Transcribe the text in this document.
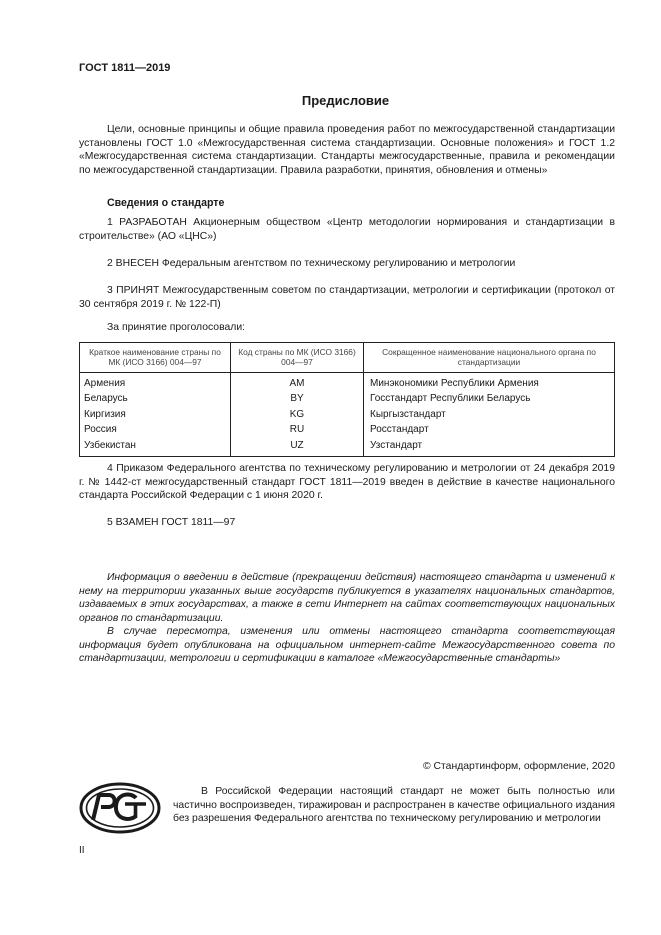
ГОСТ 1811—2019
Предисловие

Цели, основные принципы и общие правила проведения работ по межгосударственной стандартизации установлены ГОСТ 1.0 «Межгосударственная система стандартизации. Основные положения» и ГОСТ 1.2 «Межгосударственная система стандартизации. Стандарты межгосударственные, правила и рекомендации по межгосударственной стандартизации. Правила разработки, принятия, обновления и отмены»

Сведения о стандарте

1 РАЗРАБОТАН Акционерным обществом «Центр методологии нормирования и стандартизации в строительстве» (АО «ЦНС»)

2 ВНЕСЕН Федеральным агентством по техническому регулированию и метрологии

3 ПРИНЯТ Межгосударственным советом по стандартизации, метрологии и сертификации (протокол от 30 сентября 2019 г. № 122-П)

За принятие проголосовали:
Краткое наименование страны по МК (ИСО 3166) 004—97	Код страны по МК (ИСО 3166) 004—97	Сокращенное наименование национального органа по стандартизации
Армения	AM	Минэкономики Республики Армения
Беларусь	BY	Госстандарт Республики Беларусь
Киргизия	KG	Кыргызстандарт
Россия	RU	Росстандарт
Узбекистан	UZ	Узстандарт

4 Приказом Федерального агентства по техническому регулированию и метрологии от 24 декабря 2019 г. № 1442-ст межгосударственный стандарт ГОСТ 1811—2019 введен в действие в качестве национального стандарта Российской Федерации с 1 июня 2020 г.

5 ВЗАМЕН ГОСТ 1811—97

Информация о введении в действие (прекращении действия) настоящего стандарта и изменений к нему на территории указанных выше государств публикуется в указателях национальных стандартов, издаваемых в этих государствах, а также в сети Интернет на сайтах соответствующих национальных органов по стандартизации.

В случае пересмотра, изменения или отмены настоящего стандарта соответствующая информация будет опубликована на официальном интернет-сайте Межгосударственного совета по стандартизации, метрологии и сертификации в каталоге «Межгосударственные стандарты»

© Стандартинформ, оформление, 2020

В Российской Федерации настоящий стандарт не может быть полностью или частично воспроизведен, тиражирован и распространен в качестве официального издания без разрешения Федерального агентства по техническому регулированию и метрологии

II
